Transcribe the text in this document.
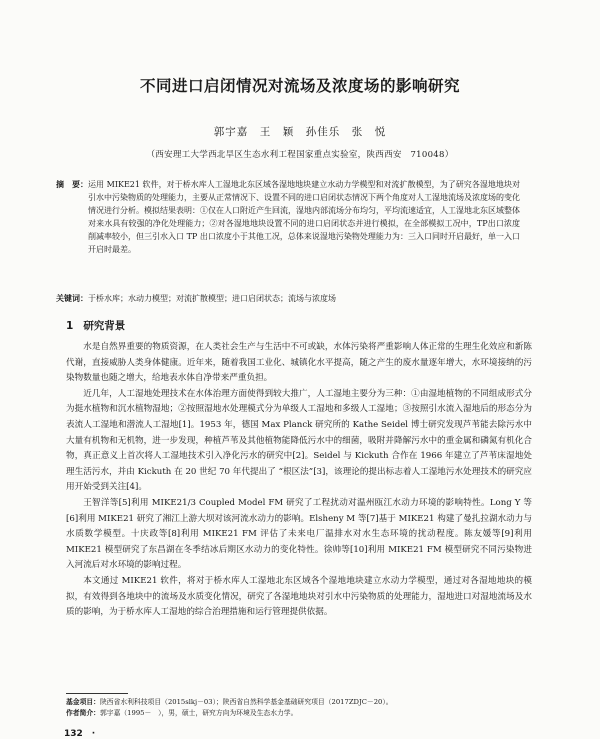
不同进口启闭情况对流场及浓度场的影响研究
郭宇嘉　王　颖　孙佳乐　张　悦
（西安理工大学西北旱区生态水利工程国家重点实验室，陕西西安　710048）
摘　要： 运用 MIKE21 软件，对于桥水库人工湿地北东区域各湿地地块建立水动力学模型和对流扩散模型，为了研究各湿地地块对引水中污染物质的处理能力，主要从正常情况下、设置不同的进口启闭状态情况下两个角度对人工湿地流场及浓度场的变化情况进行分析。模拟结果表明：①仅在人口附近产生回流，湿地内部流场分布均匀，平均流速适宜，人工湿地北东区域整体对来水具有较强的净化处理能力；②对各湿地地块设置不同的进口启闭状态并进行模拟，在全部模拟工况中，TP出口浓度削减率较小，但三引水入口 TP 出口浓度小于其他工况，总体来说湿地污染物处理能力为：三入口同时开启最好，单一入口开启时最差。
关键词：于桥水库；水动力模型；对流扩散模型；进口启闭状态；流场与浓度场
1 研究背景

水是自然界重要的物质资源，在人类社会生产与生活中不可或缺，水体污染将严重影响人体正常的生理生化效应和新陈代谢，直接威胁人类身体健康。近年来，随着我国工业化、城镇化水平提高，随之产生的废水量逐年增大，水环境接纳的污染物数量也随之增大，给地表水体自净带来严重负担。

近几年，人工湿地处理技术在水体治理方面使得到较大推广，人工湿地主要分为三种：①由湿地植物的不同组成形式分为挺水植物和沉水植物湿地；②按照湿地水处理模式分为单级人工湿地和多级人工湿地；③按照引水流入湿地后的形态分为表流人工湿地和潜流人工湿地[1]。1953 年，德国 Max Planck 研究所的 Kathe Seidel 博士研究发现芦苇能去除污水中大量有机物和无机物，进一步发现，种植芦苇及其他植物能降低污水中的细菌，吸附并降解污水中的重金属和磷氮有机化合物，真正意义上首次将人工湿地技术引入净化污水的研究中[2]。Seidel 与 Kickuth 合作在 1966 年建立了芦苇床湿地处理生活污水，并由 Kickuth 在 20 世纪 70 年代提出了 “根区法”[3]，该理论的提出标志着人工湿地污水处理技术的研究应用开始受到关注[4]。

王智洋等[5]利用 MIKE21/3 Coupled Model FM 研究了工程扰动对温州瓯江水动力环境的影响特性。Long Y 等[6]利用 MIKE21 研究了湘江上游大坝对该河流水动力的影响。Elsheny M 等[7]基于 MIKE21 构建了曼扎拉湖水动力与水质数学模型。十庆政等[8]利用 MIKE21 FM 评估了未来电厂温排水对水生态环境的扰动程度。陈友媛等[9]利用 MIKE21 模型研究了东昌湖在冬季结冰后期区水动力的变化特性。徐帅等[10]利用 MIKE21 FM 模型研究不同污染物进入河流后对水环境的影响过程。

本文通过 MIKE21 软件，将对于桥水库人工湿地北东区域各个湿地地块建立水动力学模型，通过对各湿地地块的模拟，有效得到各地块中的流场及水质变化情况，研究了各湿地地块对引水中污染物质的处理能力，湿地进口对湿地流场及水质的影响，为于桥水库人工湿地的综合治理措施和运行管理提供依据。

基金项目：陕西省水利科技项目（2015slkj－03）；陕西省自然科学基金基础研究项目（2017ZDJC－20）。
作者简介：郭宇嘉（1995－　），男，硕士，研究方向为环境及生态水力学。
132　·
